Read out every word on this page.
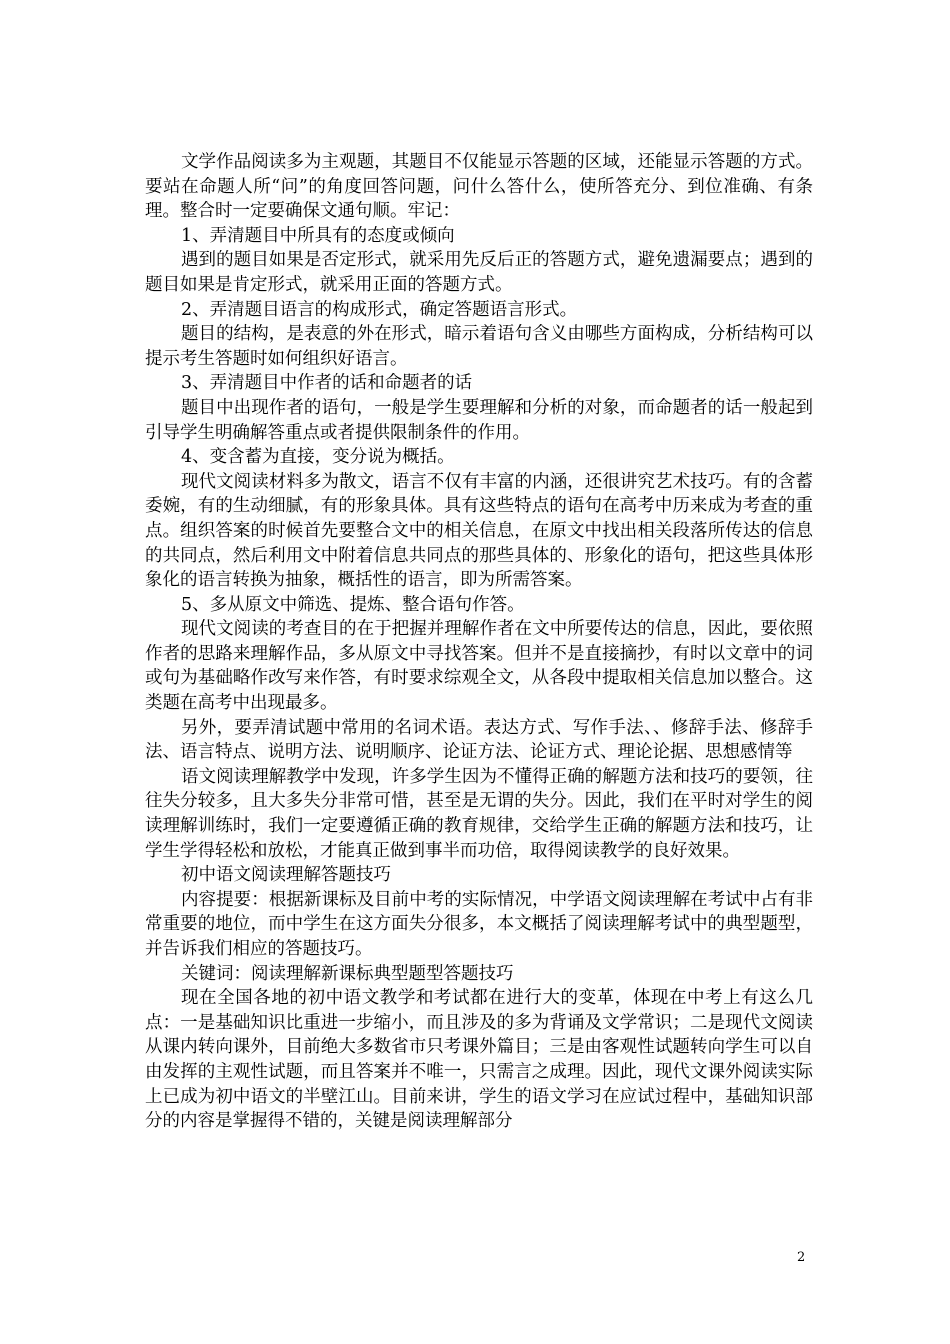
文学作品阅读多为主观题，其题目不仅能显示答题的区域，还能显示答题的方式。要站在命题人所“问”的角度回答问题，问什么答什么，使所答充分、到位准确、有条理。整合时一定要确保文通句顺。牢记：

1、弄清题目中所具有的态度或倾向

遇到的题目如果是否定形式，就采用先反后正的答题方式，避免遗漏要点；遇到的题目如果是肯定形式，就采用正面的答题方式。

2、弄清题目语言的构成形式，确定答题语言形式。

题目的结构，是表意的外在形式，暗示着语句含义由哪些方面构成，分析结构可以提示考生答题时如何组织好语言。

3、弄清题目中作者的话和命题者的话

题目中出现作者的语句，一般是学生要理解和分析的对象，而命题者的话一般起到引导学生明确解答重点或者提供限制条件的作用。

4、变含蓄为直接，变分说为概括。

现代文阅读材料多为散文，语言不仅有丰富的内涵，还很讲究艺术技巧。有的含蓄委婉，有的生动细腻，有的形象具体。具有这些特点的语句在高考中历来成为考查的重点。组织答案的时候首先要整合文中的相关信息，在原文中找出相关段落所传达的信息的共同点，然后利用文中附着信息共同点的那些具体的、形象化的语句，把这些具体形象化的语言转换为抽象，概括性的语言，即为所需答案。

5、多从原文中筛选、提炼、整合语句作答。

现代文阅读的考查目的在于把握并理解作者在文中所要传达的信息，因此，要依照作者的思路来理解作品，多从原文中寻找答案。但并不是直接摘抄，有时以文章中的词或句为基础略作改写来作答，有时要求综观全文，从各段中提取相关信息加以整合。这类题在高考中出现最多。

另外，要弄清试题中常用的名词术语。表达方式、写作手法、、修辞手法、修辞手法、语言特点、说明方法、说明顺序、论证方法、论证方式、理论论据、思想感情等

语文阅读理解教学中发现，许多学生因为不懂得正确的解题方法和技巧的要领，往往失分较多，且大多失分非常可惜，甚至是无谓的失分。因此，我们在平时对学生的阅读理解训练时，我们一定要遵循正确的教育规律，交给学生正确的解题方法和技巧，让学生学得轻松和放松，才能真正做到事半而功倍，取得阅读教学的良好效果。

初中语文阅读理解答题技巧

内容提要：根据新课标及目前中考的实际情况，中学语文阅读理解在考试中占有非常重要的地位，而中学生在这方面失分很多，本文概括了阅读理解考试中的典型题型，并告诉我们相应的答题技巧。

关键词：阅读理解新课标典型题型答题技巧

现在全国各地的初中语文教学和考试都在进行大的变革，体现在中考上有这么几点：一是基础知识比重进一步缩小，而且涉及的多为背诵及文学常识；二是现代文阅读从课内转向课外，目前绝大多数省市只考课外篇目；三是由客观性试题转向学生可以自由发挥的主观性试题，而且答案并不唯一，只需言之成理。因此，现代文课外阅读实际上已成为初中语文的半壁江山。目前来讲，学生的语文学习在应试过程中，基础知识部分的内容是掌握得不错的，关键是阅读理解部分

2
